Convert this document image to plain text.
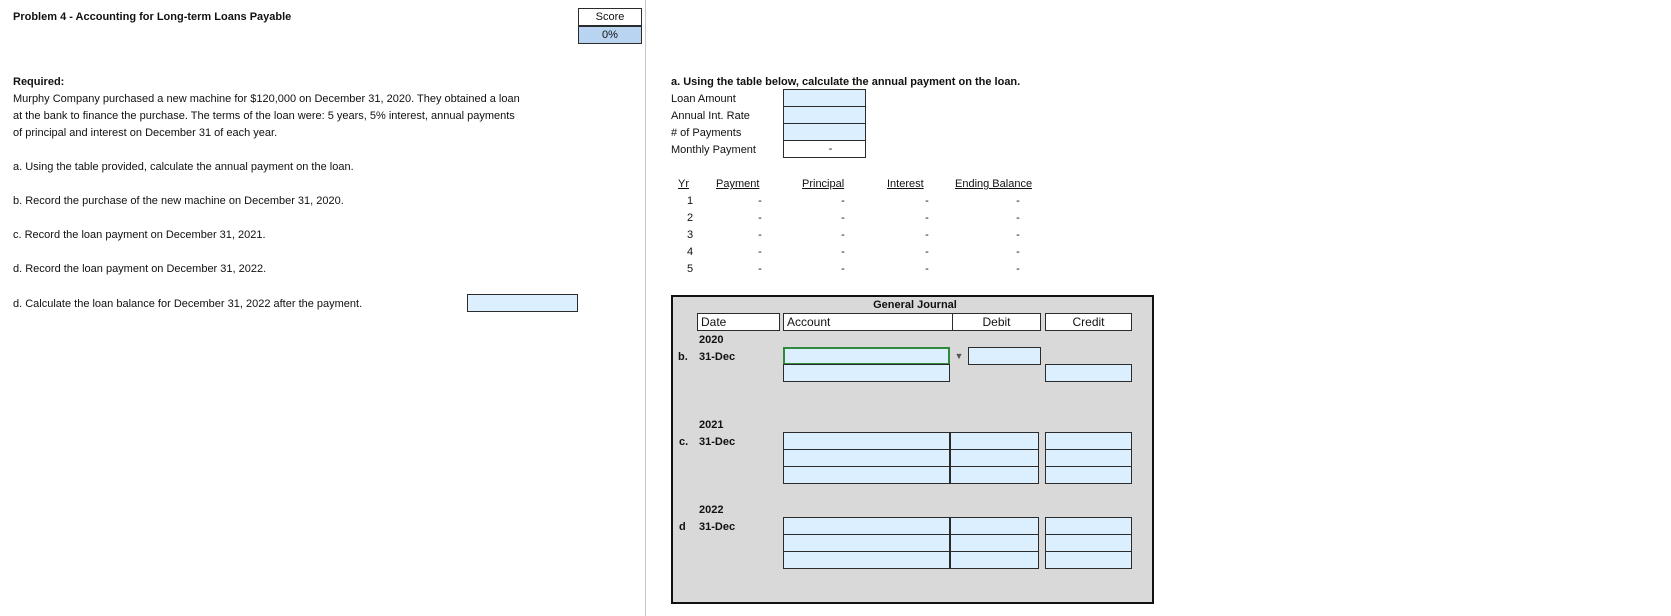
Problem 4 - Accounting for Long-term Loans Payable	Score
0%
Required:
Murphy Company purchased a new machine for $120,000 on December 31, 2020. They obtained a loan
at the bank to finance the purchase. The terms of the loan were: 5 years, 5% interest, annual payments
of principal and interest on December 31 of each year.
a. Using the table provided, calculate the annual payment on the loan.
b. Record the purchase of the new machine on December 31, 2020.
c. Record the loan payment on December 31, 2021.
d. Record the loan payment on December 31, 2022.
d. Calculate the loan balance for December 31, 2022 after the payment.
a. Using the table below, calculate the annual payment on the loan.
Loan Amount
Annual Int. Rate
# of Payments
Monthly Payment	-
Yr Payment	Principal	Interest	Ending Balance
1	-	-	-	-
2	-	-	-	-
3	-	-	-	-
4	-	-	-	-
5	-	-	-	-
General Journal
Date	Account	Debit	Credit
2020
b. 31-Dec	▼
2021
c. 31-Dec
2022
d 31-Dec
